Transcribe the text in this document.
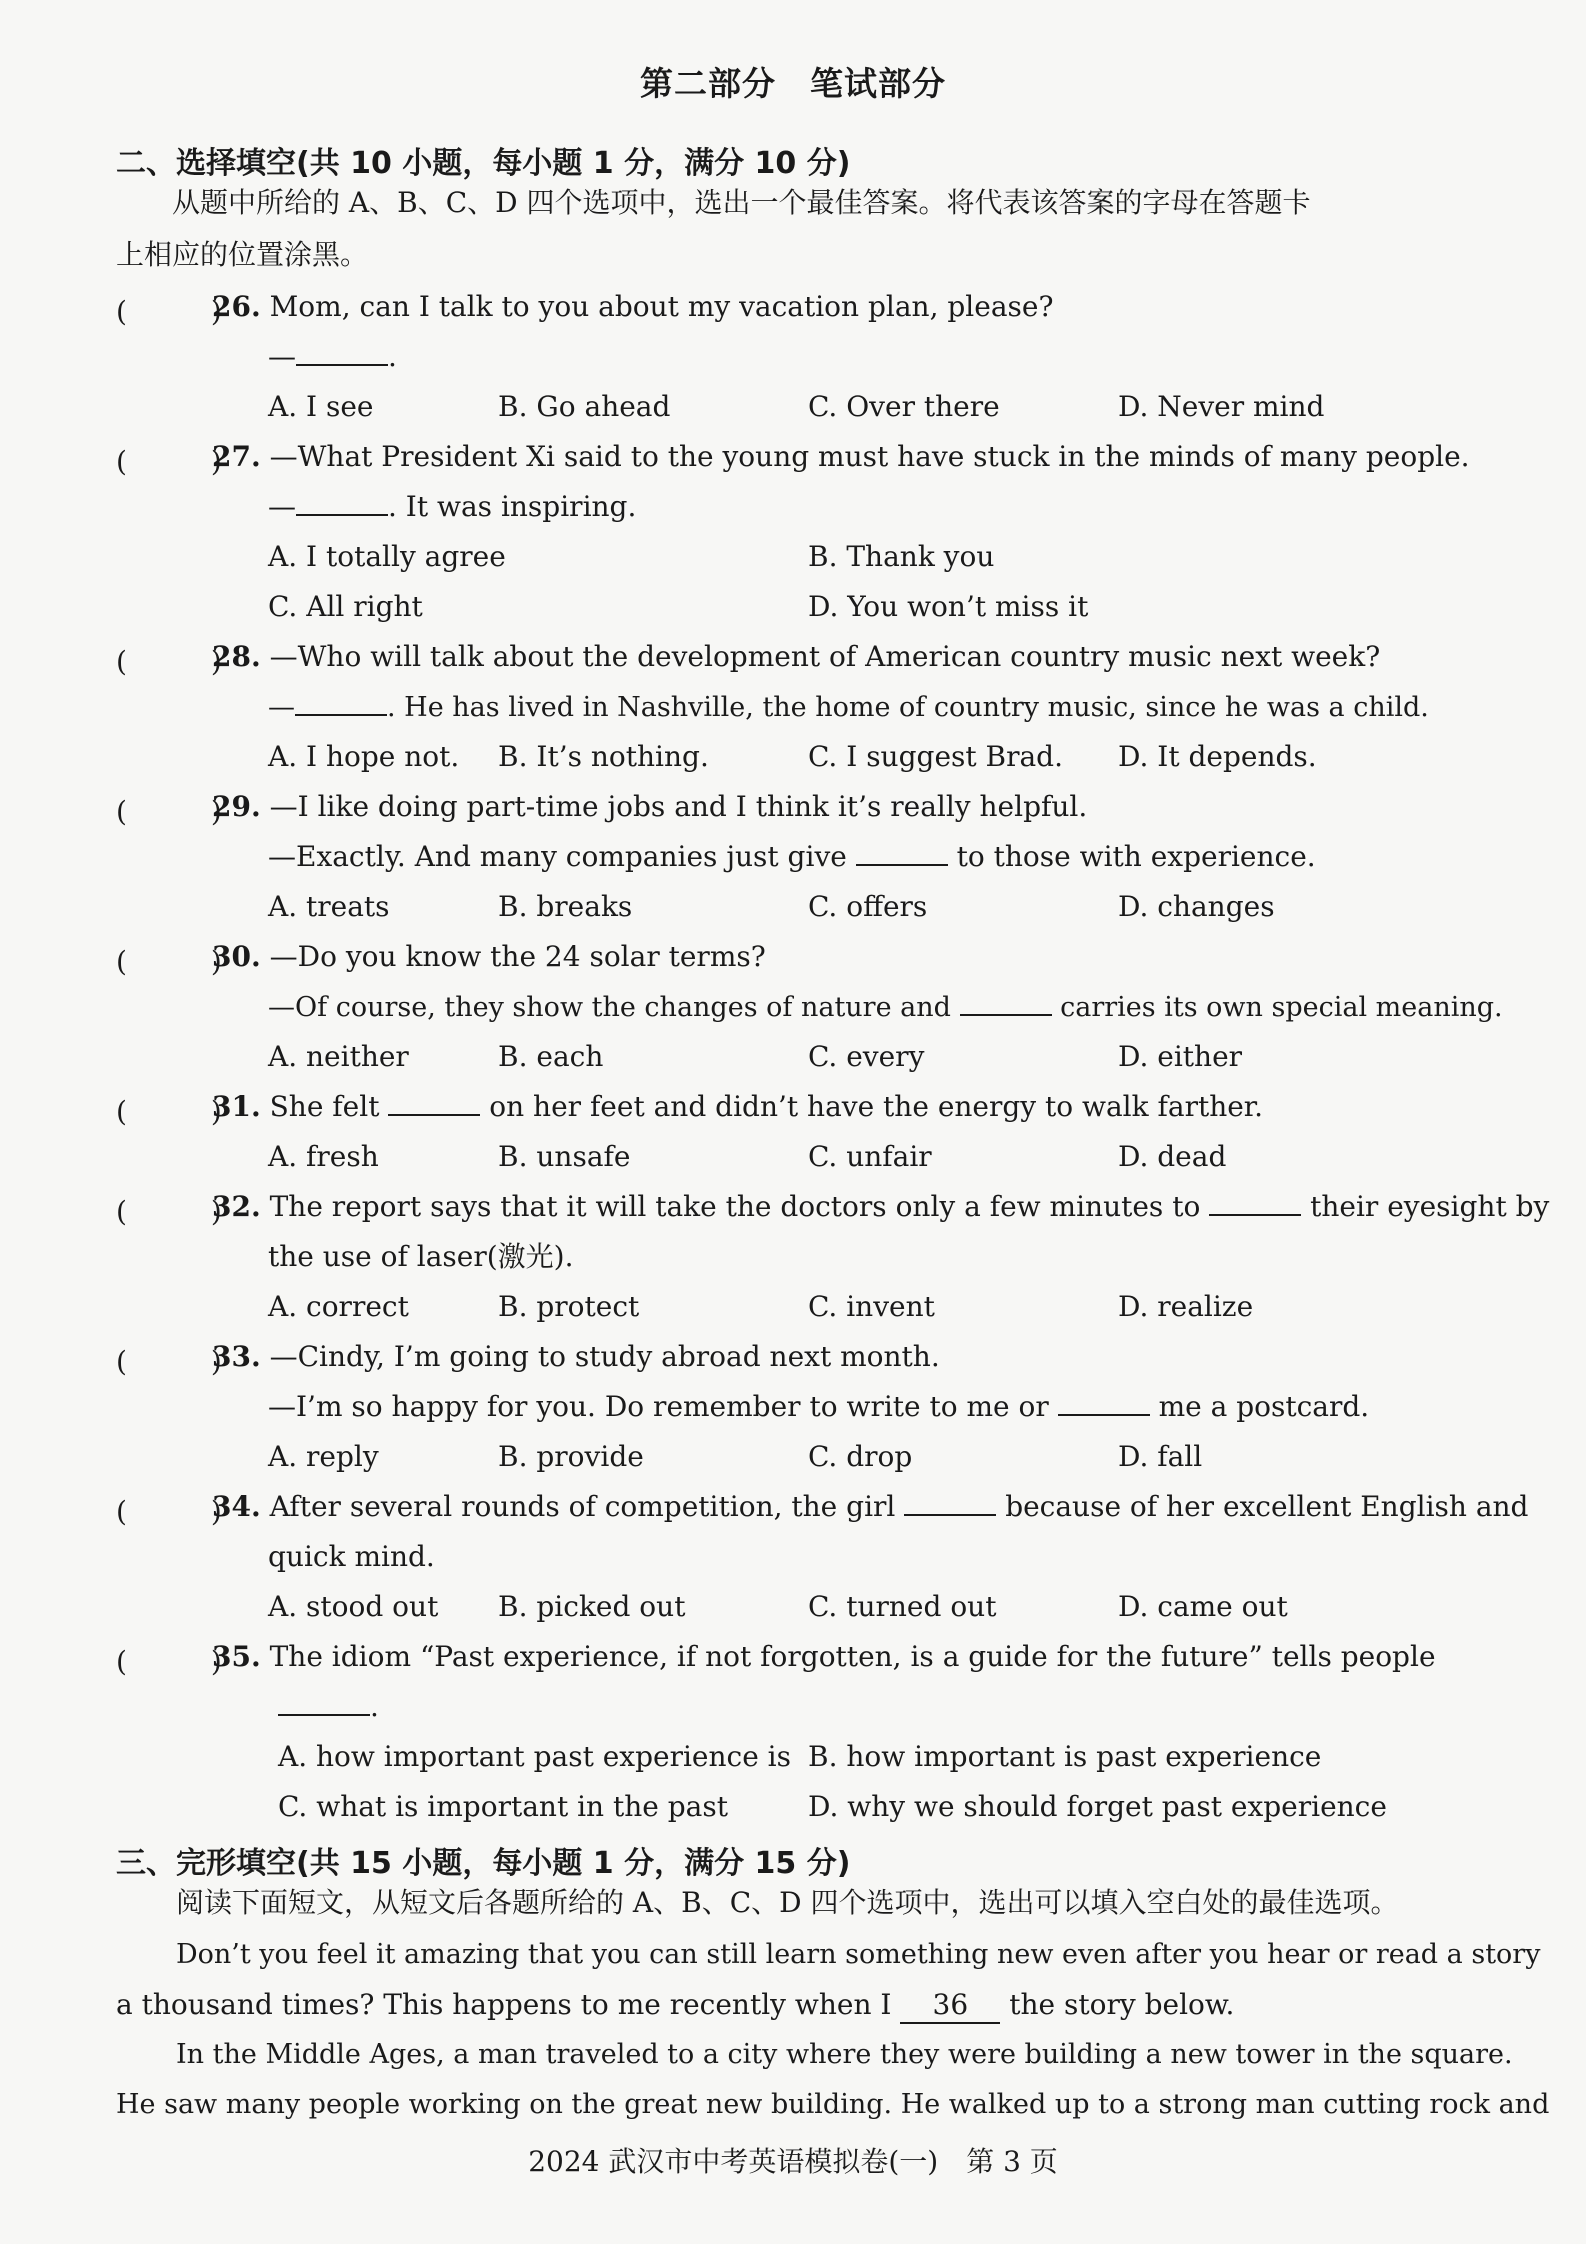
第二部分　笔试部分
二、选择填空(共 10 小题，每小题 1 分，满分 10 分)
从题中所给的 A、B、C、D 四个选项中，选出一个最佳答案。将代表该答案的字母在答题卡
上相应的位置涂黑。
(　　　)
26. Mom, can I talk to you about my vacation plan, please?
—	.
A. I see	B. Go ahead	C. Over there	D. Never mind
(　　　)
27. —What President Xi said to the young must have stuck in the minds of many people.
—	. It was inspiring.
A. I totally agree	B. Thank you
C. All right	D. You won’t miss it
(　　　)
28. —Who will talk about the development of American country music next week?
—	. He has lived in Nashville, the home of country music, since he was a child.
A. I hope not. B. It’s nothing.	C. I suggest Brad. D. It depends.
(　　　)
29. —I like doing part-time jobs and I think it’s really helpful.
—Exactly. And many companies just give	to those with experience.
A. treats	B. breaks	C. offers	D. changes
(　　　)
30. —Do you know the 24 solar terms?
—Of course, they show the changes of nature and	carries its own special meaning.
A. neither	B. each	C. every	D. either
(　　　)
31. She felt	on her feet and didn’t have the energy to walk farther.
A. fresh	B. unsafe	C. unfair	D. dead
(　　　)
32. The report says that it will take the doctors only a few minutes to	their eyesight by
the use of laser(激光).
A. correct	B. protect	C. invent	D. realize
(　　　)
33. —Cindy, I’m going to study abroad next month.
—I’m so happy for you. Do remember to write to me or	me a postcard.
A. reply	B. provide	C. drop	D. fall
(　　　)
34. After several rounds of competition, the girl	because of her excellent English and
quick mind.
A. stood out B. picked out	C. turned out	D. came out
(　　　)
35. The idiom “Past experience, if not forgotten, is a guide for the future” tells people
.
A. how important past experience is B. how important is past experience
C. what is important in the past	D. why we should forget past experience
三、完形填空(共 15 小题，每小题 1 分，满分 15 分)
阅读下面短文，从短文后各题所给的 A、B、C、D 四个选项中，选出可以填入空白处的最佳选项。
Don’t you feel it amazing that you can still learn something new even after you hear or read a story
a thousand times? This happens to me recently when I 36 the story below.
In the Middle Ages, a man traveled to a city where they were building a new tower in the square.
He saw many people working on the great new building. He walked up to a strong man cutting rock and
2024 武汉市中考英语模拟卷(一)　第 3 页
